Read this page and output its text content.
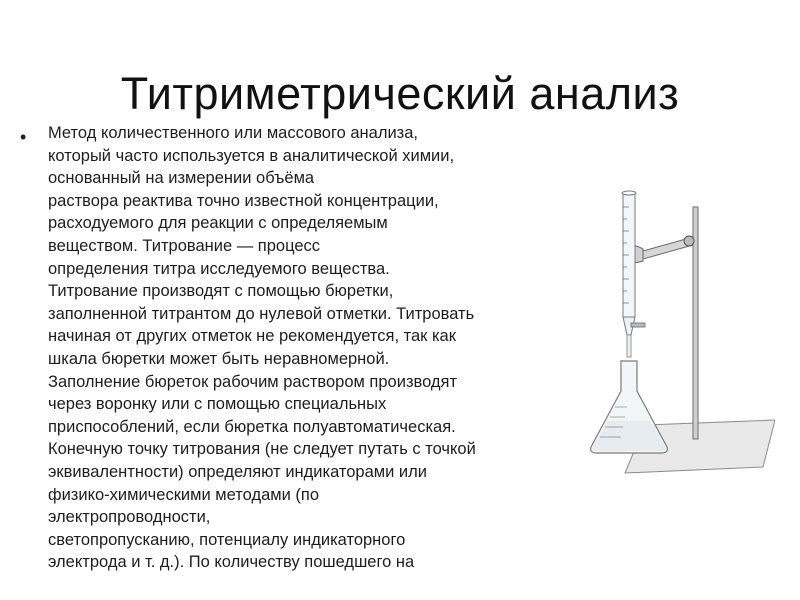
Титриметрический анализ
• Метод количественного или массового анализа,
который часто используется в аналитической химии,
основанный на измерении объёма
раствора реактива точно известной концентрации,
расходуемого для реакции с определяемым
веществом. Титрование — процесс
определения титра исследуемого вещества.
Титрование производят с помощью бюретки,
заполненной титрантом до нулевой отметки. Титровать
начиная от других отметок не рекомендуется, так как
шкала бюретки может быть неравномерной.
Заполнение бюреток рабочим раствором производят
через воронку или с помощью специальных
приспособлений, если бюретка полуавтоматическая.
Конечную точку титрования (не следует путать с точкой
эквивалентности) определяют индикаторами или
физико-химическими методами (по
электропроводности,
светопропусканию, потенциалу индикаторного
электрода и т. д.). По количеству пошедшего на
